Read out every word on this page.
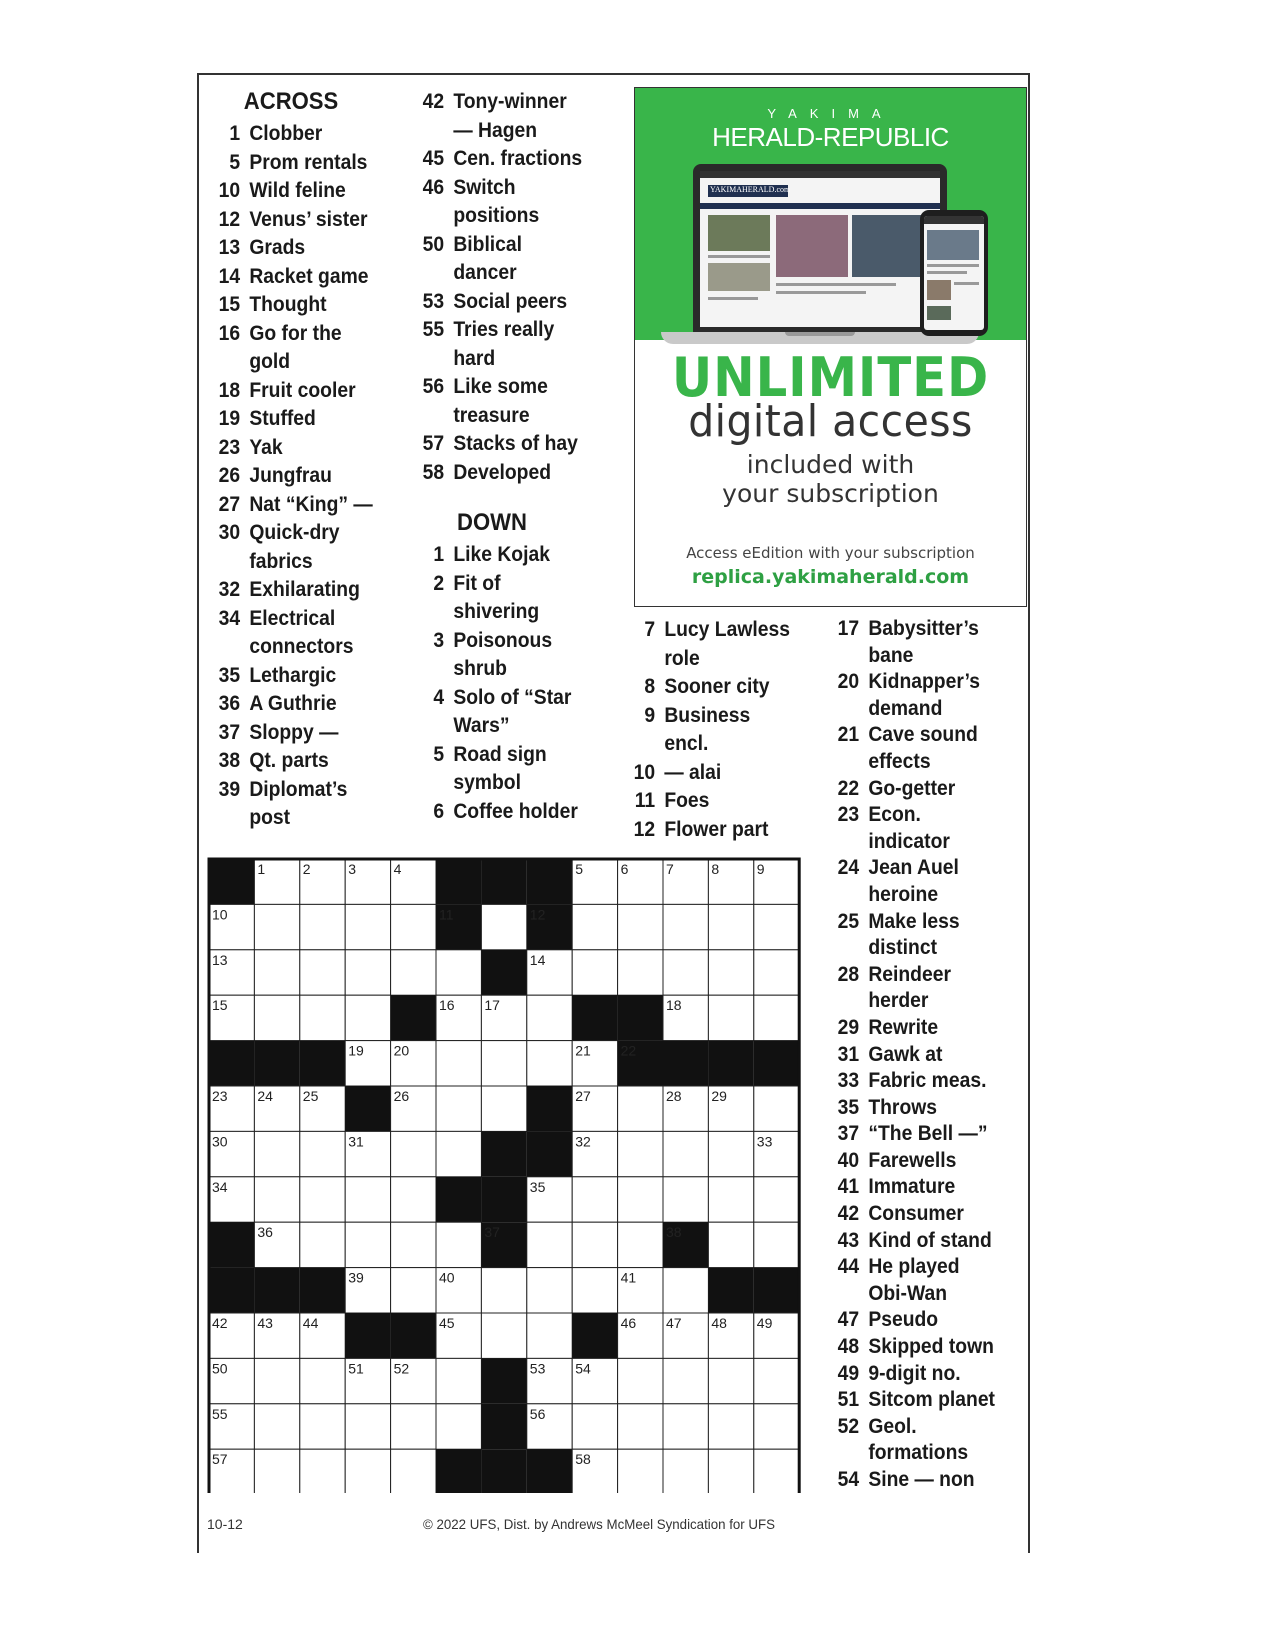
ACROSS
1 Clobber
5 Prom rentals
10 Wild feline
12 Venus’ sister
13 Grads
14 Racket game
15 Thought
16 Go for the
gold
18 Fruit cooler
19 Stuffed
23 Yak
26 Jungfrau
27 Nat “King” —
30 Quick-dry
fabrics
32 Exhilarating
34 Electrical
connectors
35 Lethargic
36 A Guthrie
37 Sloppy —
38 Qt. parts
39 Diplomat’s
post
42 Tony-winner
— Hagen
45 Cen. fractions
46 Switch
positions
50 Biblical
dancer
53 Social peers
55 Tries really
hard
56 Like some
treasure
57 Stacks of hay
58 Developed
DOWN
1 Like Kojak
2 Fit of
shivering
3 Poisonous
shrub
4 Solo of “Star
Wars”
5 Road sign
symbol
6 Coffee holder
7 Lucy Lawless
role
8 Sooner city
9 Business
encl.
10 — alai
11 Foes
12 Flower part
17 Babysitter’s
bane
20 Kidnapper’s
demand
21 Cave sound
effects
22 Go-getter
23 Econ.
indicator
24 Jean Auel
heroine
25 Make less
distinct
28 Reindeer
herder
29 Rewrite
31 Gawk at
33 Fabric meas.
35 Throws
37 “The Bell —”
40 Farewells
41 Immature
42 Consumer
43 Kind of stand
44 He played
Obi-Wan
47 Pseudo
48 Skipped town
49 9-digit no.
51 Sitcom planet
52 Geol.
formations
54 Sine — non
YAKIMA
HERALD-REPUBLIC
YAKIMAHERALD.com
UNLIMITED
digital access
included with
your subscription
Access eEdition with your subscription
replica.yakimaherald.com
1	2	3	4	5	6	7	8	9
10	11	12
13	14
15	16 17	18
19 20	21 22
23 24 25	26	27	28 29
30	31	32	33
34	35
36	37	38
39	40	41
42 43 44	45	46 47 48 49
50	51 52	53 54
55	56
57	58
10-12	© 2022 UFS, Dist. by Andrews McMeel Syndication for UFS
